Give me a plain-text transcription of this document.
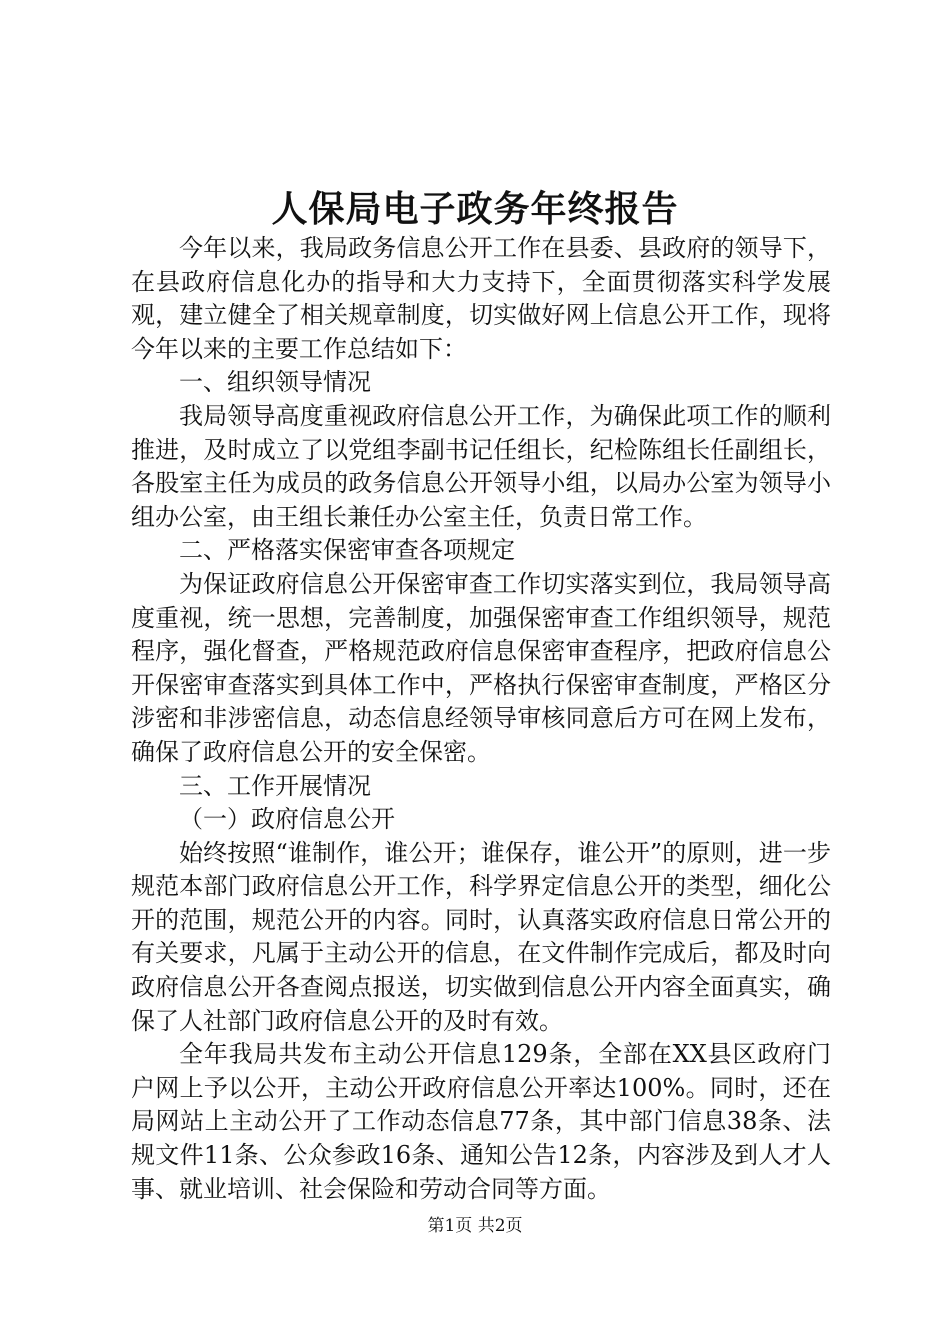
人保局电子政务年终报告

今年以来，我局政务信息公开工作在县委、县政府的领导下，在县政府信息化办的指导和大力支持下，全面贯彻落实科学发展观，建立健全了相关规章制度，切实做好网上信息公开工作，现将今年以来的主要工作总结如下：

一、组织领导情况

我局领导高度重视政府信息公开工作，为确保此项工作的顺利推进，及时成立了以党组李副书记任组长，纪检陈组长任副组长，各股室主任为成员的政务信息公开领导小组，以局办公室为领导小组办公室，由王组长兼任办公室主任，负责日常工作。

二、严格落实保密审查各项规定

为保证政府信息公开保密审查工作切实落实到位，我局领导高度重视，统一思想，完善制度，加强保密审查工作组织领导，规范程序，强化督查，严格规范政府信息保密审查程序，把政府信息公开保密审查落实到具体工作中，严格执行保密审查制度，严格区分涉密和非涉密信息，动态信息经领导审核同意后方可在网上发布，确保了政府信息公开的安全保密。

三、工作开展情况

（一）政府信息公开

始终按照“谁制作，谁公开；谁保存，谁公开”的原则，进一步规范本部门政府信息公开工作，科学界定信息公开的类型，细化公开的范围，规范公开的内容。同时，认真落实政府信息日常公开的有关要求，凡属于主动公开的信息，在文件制作完成后，都及时向政府信息公开各查阅点报送，切实做到信息公开内容全面真实，确保了人社部门政府信息公开的及时有效。

全年我局共发布主动公开信息129条，全部在XX县区政府门户网上予以公开，主动公开政府信息公开率达100%。同时，还在局网站上主动公开了工作动态信息77条，其中部门信息38条、法规文件11条、公众参政16条、通知公告12条，内容涉及到人才人事、就业培训、社会保险和劳动合同等方面。

第1页 共2页
